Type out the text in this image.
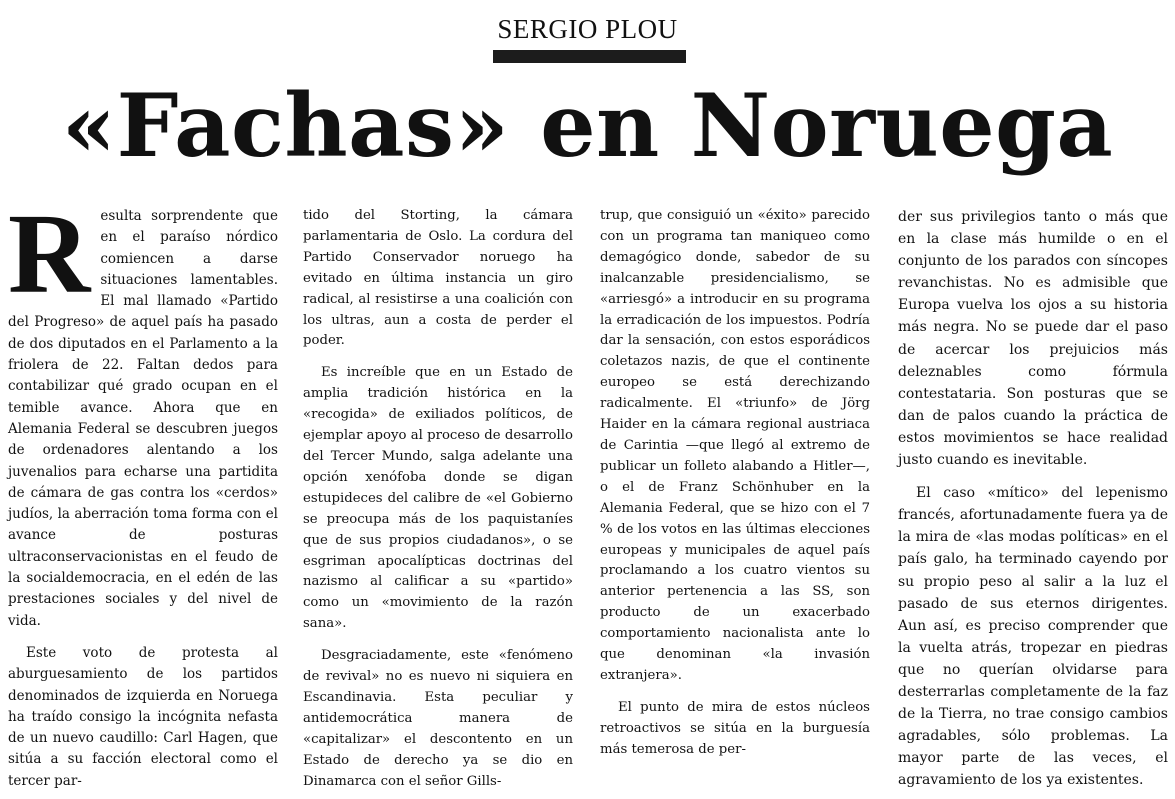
SERGIO PLOU
«Fachas» en Noruega
R esulta sorprendente que en el paraíso nórdico comiencen a darse situaciones lamentables. El mal llamado «Partido del Progreso» de aquel país ha pasado de dos diputados en el Parlamento a la friolera de 22. Faltan dedos para contabilizar qué grado ocupan en el temible avance. Ahora que en Alemania Federal se descubren juegos de ordenadores alentando a los juvenalios para echarse una partidita de cámara de gas contra los «cerdos» judíos, la aberración toma forma con el avance de posturas ultraconservacionistas en el feudo de la socialdemocracia, en el edén de las prestaciones sociales y del nivel de vida.

Este voto de protesta al aburguesamiento de los partidos denominados de izquierda en Noruega ha traído consigo la incógnita nefasta de un nuevo caudillo: Carl Hagen, que sitúa a su facción electoral como el tercer par-

tido del Storting, la cámara parlamentaria de Oslo. La cordura del Partido Conservador noruego ha evitado en última instancia un giro radical, al resistirse a una coalición con los ultras, aun a costa de perder el poder.

Es increíble que en un Estado de amplia tradición histórica en la «recogida» de exiliados políticos, de ejemplar apoyo al proceso de desarrollo del Tercer Mundo, salga adelante una opción xenófoba donde se digan estupideces del calibre de «el Gobierno se preocupa más de los paquistaníes que de sus propios ciudadanos», o se esgriman apocalípticas doctrinas del nazismo al calificar a su «partido» como un «movimiento de la razón sana».

Desgraciadamente, este «fenómeno de revival» no es nuevo ni siquiera en Escandinavia. Esta peculiar y antidemocrática manera de «capitalizar» el descontento en un Estado de derecho ya se dio en Dinamarca con el señor Gills-

trup, que consiguió un «éxito» parecido con un programa tan maniqueo como demagógico donde, sabedor de su inalcanzable presidencialismo, se «arriesgó» a introducir en su programa la erradicación de los impuestos. Podría dar la sensación, con estos esporádicos coletazos nazis, de que el continente europeo se está derechizando radicalmente. El «triunfo» de Jörg Haider en la cámara regional austriaca de Carintia —que llegó al extremo de publicar un folleto alabando a Hitler—, o el de Franz Schönhuber en la Alemania Federal, que se hizo con el 7 % de los votos en las últimas elecciones europeas y municipales de aquel país proclamando a los cuatro vientos su anterior pertenencia a las SS, son producto de un exacerbado comportamiento nacionalista ante lo que denominan «la invasión extranjera».

El punto de mira de estos núcleos retroactivos se sitúa en la burguesía más temerosa de per-

der sus privilegios tanto o más que en la clase más humilde o en el conjunto de los parados con síncopes revanchistas. No es admisible que Europa vuelva los ojos a su historia más negra. No se puede dar el paso de acercar los prejuicios más deleznables como fórmula contestataria. Son posturas que se dan de palos cuando la práctica de estos movimientos se hace realidad justo cuando es inevitable.

El caso «mítico» del lepenismo francés, afortunadamente fuera ya de la mira de «las modas políticas» en el país galo, ha terminado cayendo por su propio peso al salir a la luz el pasado de sus eternos dirigentes. Aun así, es preciso comprender que la vuelta atrás, tropezar en piedras que no querían olvidarse para desterrarlas completamente de la faz de la Tierra, no trae consigo cambios agradables, sólo problemas. La mayor parte de las veces, el agravamiento de los ya existentes.
